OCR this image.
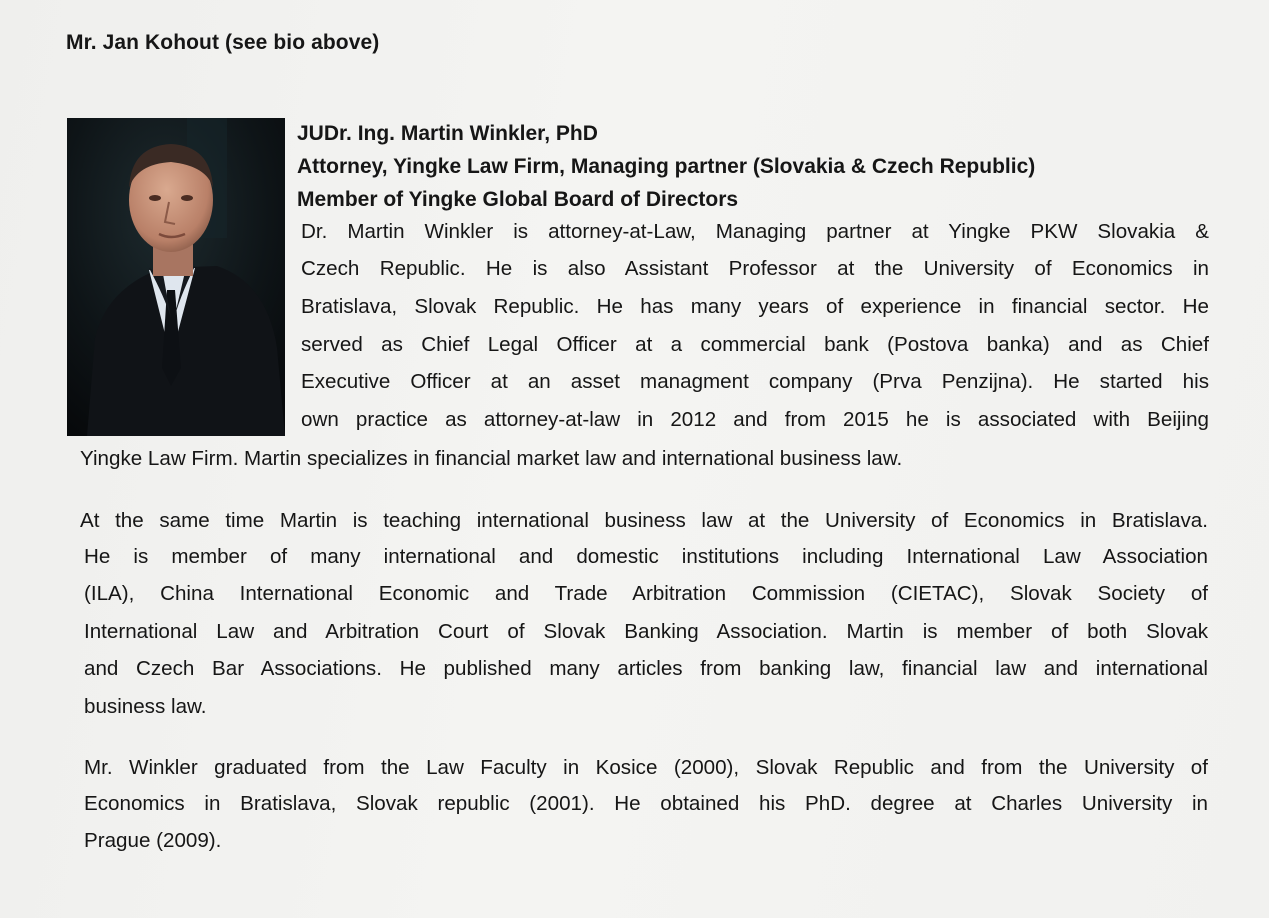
Mr. Jan Kohout (see bio above)
JUDr. Ing. Martin Winkler, PhD
Attorney, Yingke Law Firm, Managing partner (Slovakia & Czech Republic)
Member of Yingke Global Board of Directors
Dr. Martin Winkler is attorney-at-Law, Managing partner at Yingke PKW Slovakia &
Czech Republic. He is also Assistant Professor at the University of Economics in
Bratislava, Slovak Republic. He has many years of experience in financial sector. He
served as Chief Legal Officer at a commercial bank (Postova banka) and as Chief
Executive Officer at an asset managment company (Prva Penzijna). He started his
own practice as attorney-at-law in 2012 and from 2015 he is associated with Beijing
Yingke Law Firm. Martin specializes in financial market law and international business law.
At the same time Martin is teaching international business law at the University of Economics in Bratislava.
He is member of many international and domestic institutions including International Law Association
(ILA), China International Economic and Trade Arbitration Commission (CIETAC), Slovak Society of
International Law and Arbitration Court of Slovak Banking Association. Martin is member of both Slovak
and Czech Bar Associations. He published many articles from banking law, financial law and international
business law.
Mr. Winkler graduated from the Law Faculty in Kosice (2000), Slovak Republic and from the University of
Economics in Bratislava, Slovak republic (2001). He obtained his PhD. degree at Charles University in
Prague (2009).
